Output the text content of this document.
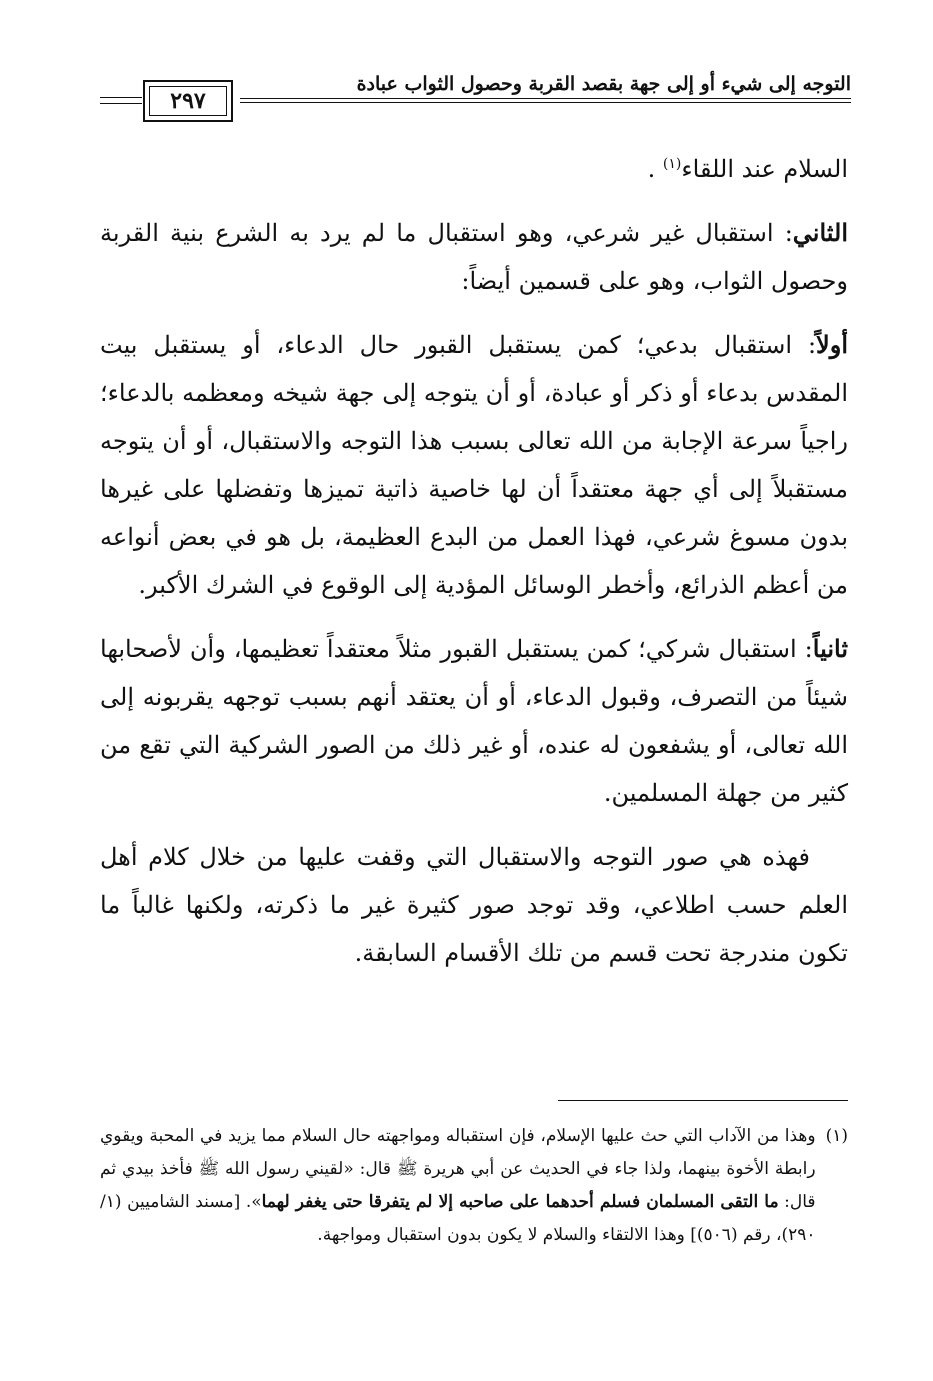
التوجه إلى شيء أو إلى جهة بقصد القربة وحصول الثواب عبادة
٢٩٧

السلام عند اللقاء$^{(١)}$ .

الثاني: استقبال غير شرعي، وهو استقبال ما لم يرد به الشرع بنية القربة وحصول الثواب، وهو على قسمين أيضاً:

أولاً: استقبال بدعي؛ كمن يستقبل القبور حال الدعاء، أو يستقبل بيت المقدس بدعاء أو ذكر أو عبادة، أو أن يتوجه إلى جهة شيخه ومعظمه بالدعاء؛ راجياً سرعة الإجابة من الله تعالى بسبب هذا التوجه والاستقبال، أو أن يتوجه مستقبلاً إلى أي جهة معتقداً أن لها خاصية ذاتية تميزها وتفضلها على غيرها بدون مسوغ شرعي، فهذا العمل من البدع العظيمة، بل هو في بعض أنواعه من أعظم الذرائع، وأخطر الوسائل المؤدية إلى الوقوع في الشرك الأكبر.

ثانياً: استقبال شركي؛ كمن يستقبل القبور مثلاً معتقداً تعظيمها، وأن لأصحابها شيئاً من التصرف، وقبول الدعاء، أو أن يعتقد أنهم بسبب توجهه يقربونه إلى الله تعالى، أو يشفعون له عنده، أو غير ذلك من الصور الشركية التي تقع من كثير من جهلة المسلمين.

فهذه هي صور التوجه والاستقبال التي وقفت عليها من خلال كلام أهل العلم حسب اطلاعي، وقد توجد صور كثيرة غير ما ذكرته، ولكنها غالباً ما تكون مندرجة تحت قسم من تلك الأقسام السابقة.

(١)
وهذا من الآداب التي حث عليها الإسلام، فإن استقباله ومواجهته حال السلام مما يزيد في المحبة ويقوي رابطة الأخوة بينهما، ولذا جاء في الحديث عن أبي هريرة ﷺ قال: «لقيني رسول الله ﷺ فأخذ بيدي ثم قال: ما التقى المسلمان فسلم أحدهما على صاحبه إلا لم يتفرقا حتى يغفر لهما». [مسند الشاميين (١/ ٢٩٠)، رقم (٥٠٦)] وهذا الالتقاء والسلام لا يكون بدون استقبال ومواجهة.
